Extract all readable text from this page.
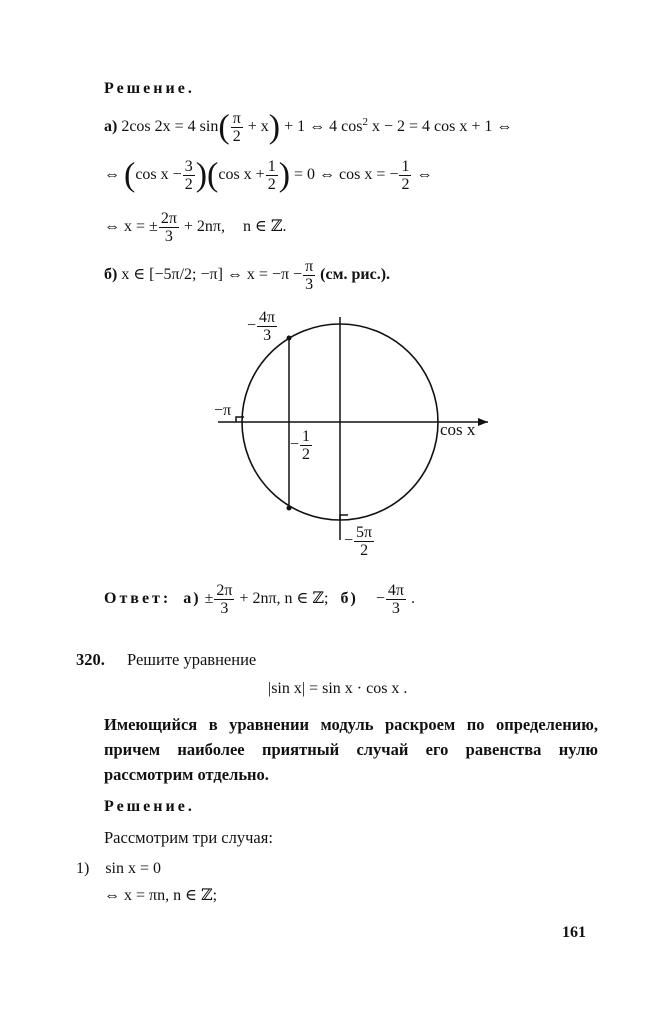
Решение.
а) 2cos 2x = 4 $\sin( \frac{\pi}{2} + x) + 1$ ⇔ 4 $\cos^2 x - 2 = 4$ cos x + 1 ⇔
⇔ (cos $x - \frac{3}{2} )(\cos$ $x + \frac{1}{2}$ ) = 0 ⇔ cos x = − $\frac{1}{2}$ ⇔
⇔ x = ± $\frac{2\pi}{3} + 2n\pi$, n ∈ ℤ.
б) x ∈ [−5π/2; −π] ⇔ $x = -\pi - \frac{\pi}{3} (см$. рис.).
− $\frac{4\pi}{3}$
−π
cos x
− $\frac{1}{2}$
− $\frac{5\pi}{2}$
Ответ: $а) \pm \frac{2\pi}{3} + 2n\pi$, n ∈ ℤ; $б) - \frac{4\pi}{3}$ .
320. Решите уравнение
|sin x| = sin x · cos x .
Имеющийся в уравнении модуль раскроем по определению, причем наиболее приятный случай его равенства нулю рассмотрим отдельно.
Решение.
Рассмотрим три случая:
1) sin x = 0
⇔ x = πn, n ∈ ℤ;
161
